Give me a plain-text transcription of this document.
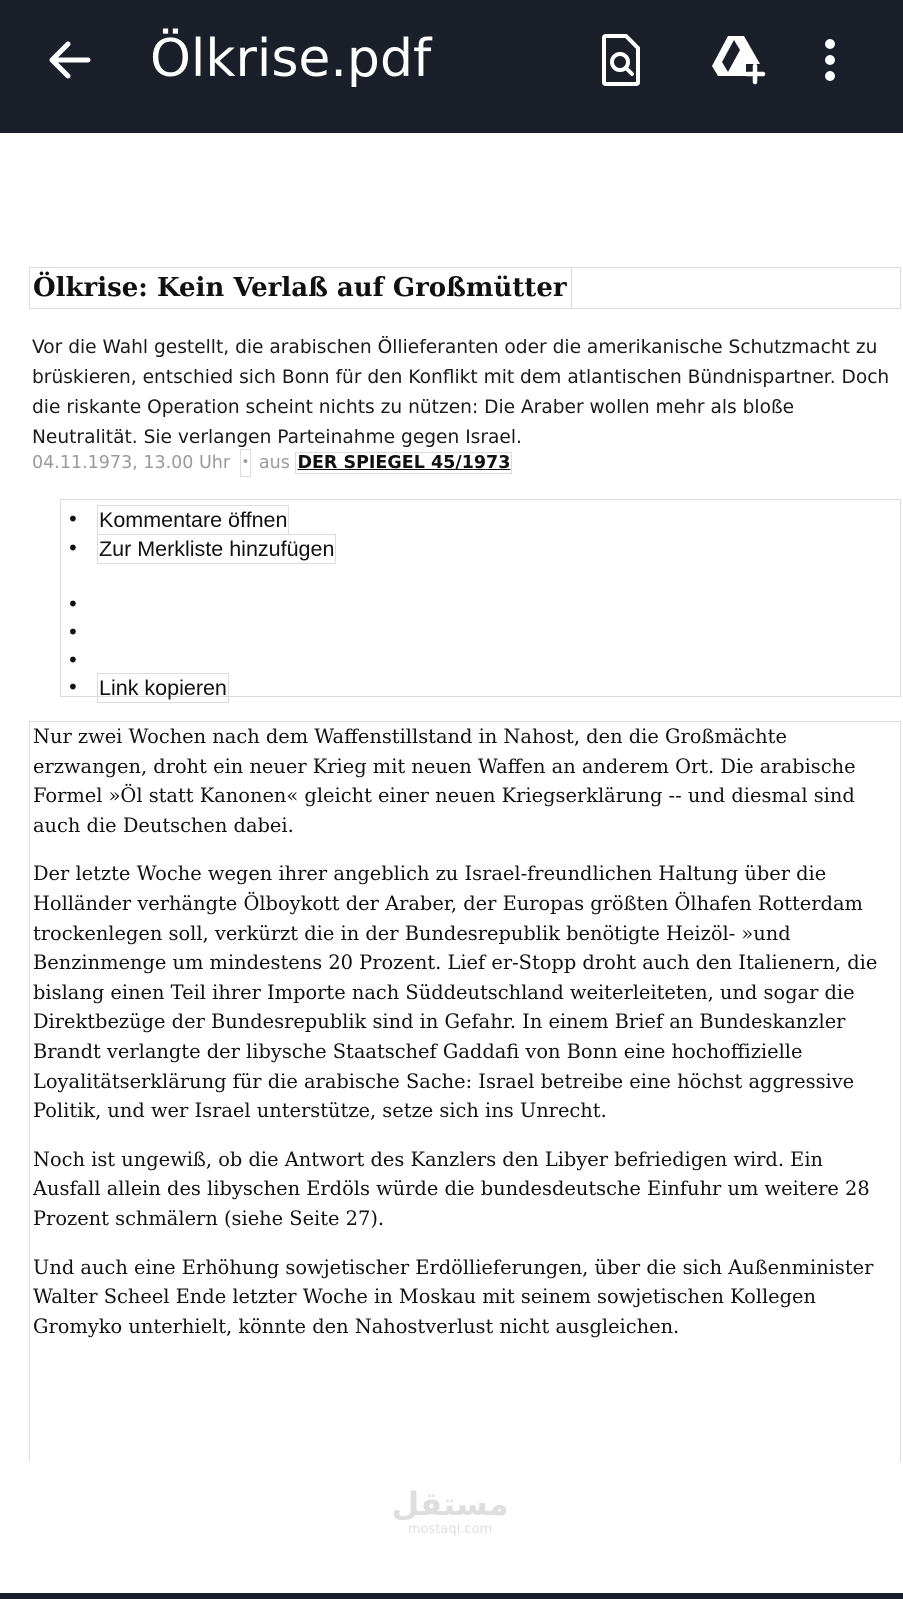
Ölkrise.pdf
Ölkrise: Kein Verlaß auf Großmütter

Vor die Wahl gestellt, die arabischen Öllieferanten oder die amerikanische Schutzmacht zu brüskieren, entschied sich Bonn für den Konflikt mit dem atlantischen Bündnispartner. Doch die riskante Operation scheint nichts zu nützen: Die Araber wollen mehr als bloße Neutralität. Sie verlangen Parteinahme gegen Israel.

04.11.1973, 13.00 Uhr • aus DER SPIEGEL 45/1973
• Kommentare öffnen
• Zur Merkliste hinzufügen
•
•
•
• Link kopieren

Nur zwei Wochen nach dem Waffenstillstand in Nahost, den die Großmächte erzwangen, droht ein neuer Krieg mit neuen Waffen an anderem Ort. Die arabische Formel »Öl statt Kanonen« gleicht einer neuen Kriegserklärung -- und diesmal sind auch die Deutschen dabei.

Der letzte Woche wegen ihrer angeblich zu Israel-freundlichen Haltung über die Holländer verhängte Ölboykott der Araber, der Europas größten Ölhafen Rotterdam trockenlegen soll, verkürzt die in der Bundesrepublik benötigte Heizöl- »und Benzinmenge um mindestens 20 Prozent. Lief er-Stopp droht auch den Italienern, die bislang einen Teil ihrer Importe nach Süddeutschland weiterleiteten, und sogar die Direktbezüge der Bundesrepublik sind in Gefahr. In einem Brief an Bundeskanzler Brandt verlangte der libysche Staatschef Gaddafi von Bonn eine hochoffizielle Loyalitätserklärung für die arabische Sache: Israel betreibe eine höchst aggressive Politik, und wer Israel unterstütze, setze sich ins Unrecht.

Noch ist ungewiß, ob die Antwort des Kanzlers den Libyer befriedigen wird. Ein Ausfall allein des libyschen Erdöls würde die bundesdeutsche Einfuhr um weitere 28 Prozent schmälern (siehe Seite 27).

Und auch eine Erhöhung sowjetischer Erdöllieferungen, über die sich Außenminister Walter Scheel Ende letzter Woche in Moskau mit seinem sowjetischen Kollegen Gromyko unterhielt, könnte den Nahostverlust nicht ausgleichen.

مستقل
mostaql.com
